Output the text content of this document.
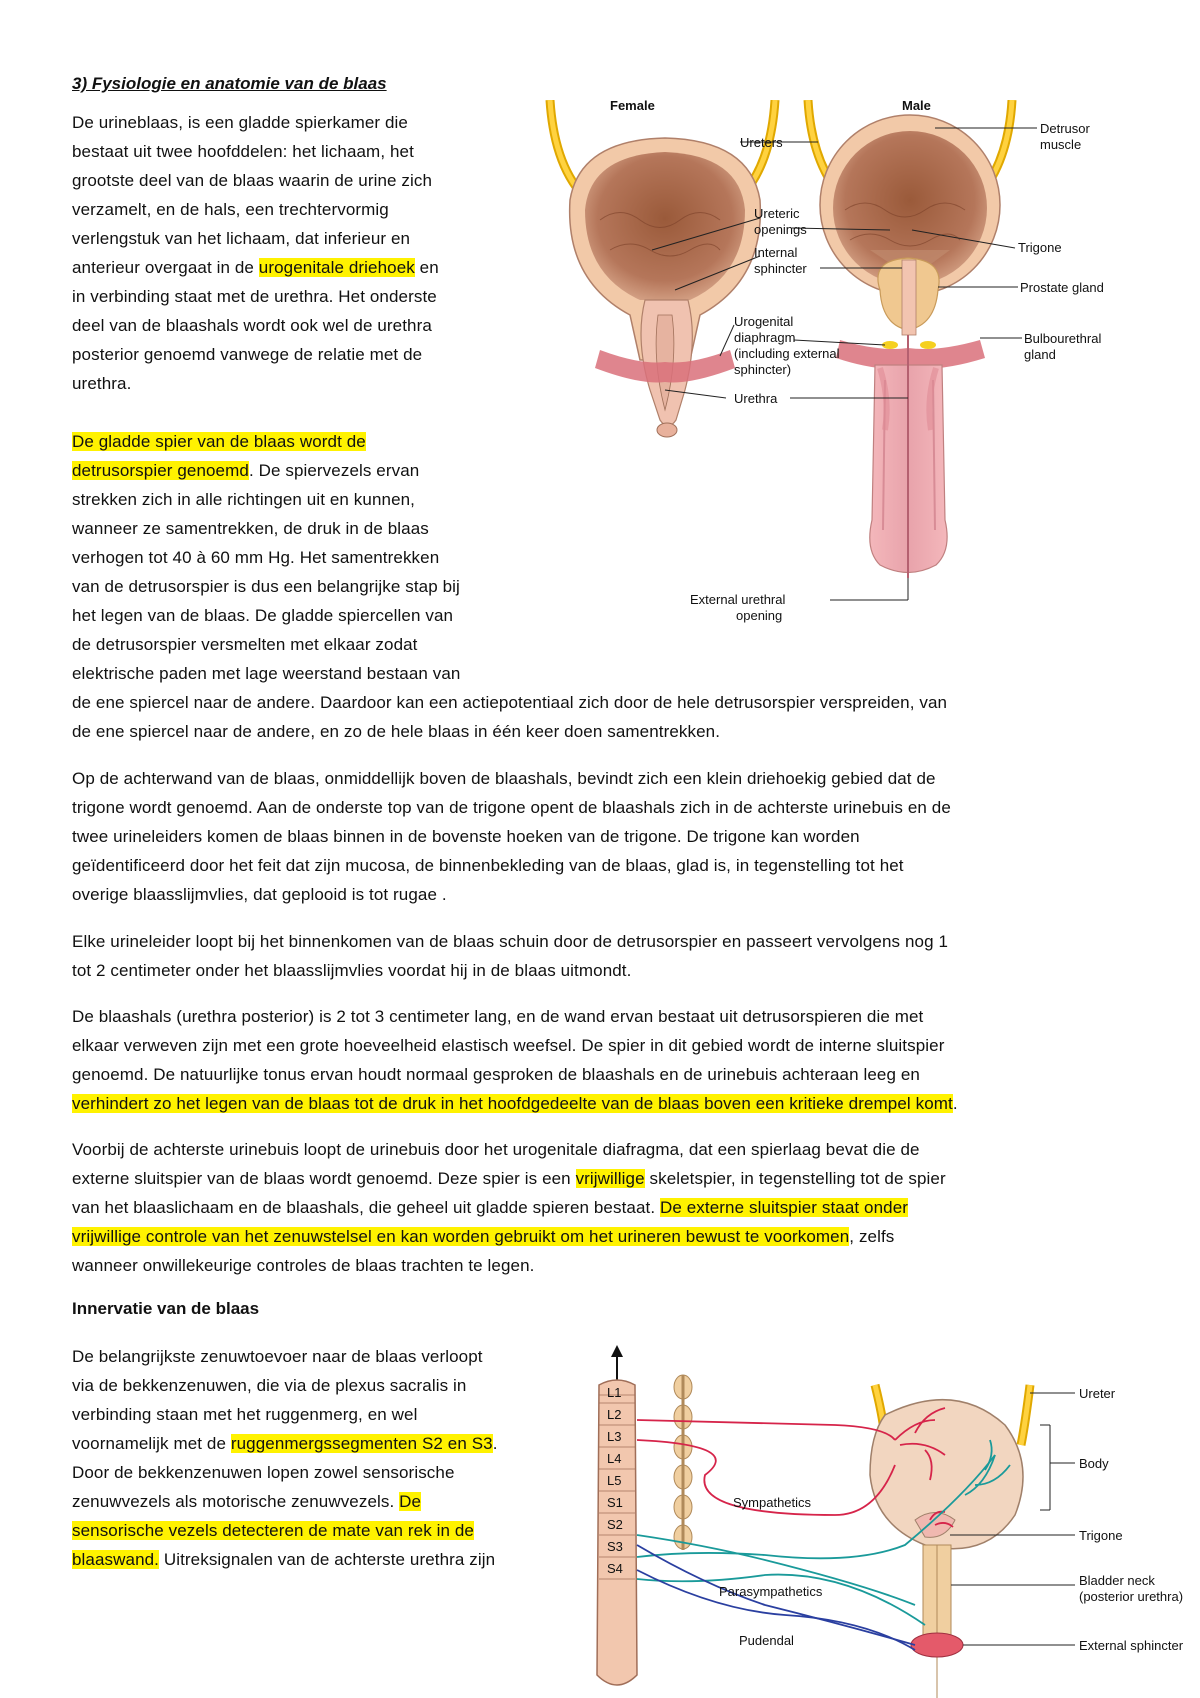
3) Fysiologie en anatomie van de blaas
De urineblaas, is een gladde spierkamer die
bestaat uit twee hoofddelen: het lichaam, het
grootste deel van de blaas waarin de urine zich
verzamelt, en de hals, een trechtervormig
verlengstuk van het lichaam, dat inferieur en
anterieur overgaat in de urogenitale driehoek en
in verbinding staat met de urethra. Het onderste
deel van de blaashals wordt ook wel de urethra
posterior genoemd vanwege de relatie met de
urethra.
De gladde spier van de blaas wordt de
detrusorspier genoemd. De spiervezels ervan
strekken zich in alle richtingen uit en kunnen,
wanneer ze samentrekken, de druk in de blaas
verhogen tot 40 à 60 mm Hg. Het samentrekken
van de detrusorspier is dus een belangrijke stap bij
het legen van de blaas. De gladde spiercellen van
de detrusorspier versmelten met elkaar zodat
elektrische paden met lage weerstand bestaan van
de ene spiercel naar de andere. Daardoor kan een actiepotentiaal zich door de hele detrusorspier verspreiden, van
de ene spiercel naar de andere, en zo de hele blaas in één keer doen samentrekken.
Op de achterwand van de blaas, onmiddellijk boven de blaashals, bevindt zich een klein driehoekig gebied dat de
trigone wordt genoemd. Aan de onderste top van de trigone opent de blaashals zich in de achterste urinebuis en de
twee urineleiders komen de blaas binnen in de bovenste hoeken van de trigone. De trigone kan worden
geïdentificeerd door het feit dat zijn mucosa, de binnenbekleding van de blaas, glad is, in tegenstelling tot het
overige blaasslijmvlies, dat geplooid is tot rugae .
Elke urineleider loopt bij het binnenkomen van de blaas schuin door de detrusorspier en passeert vervolgens nog 1
tot 2 centimeter onder het blaasslijmvlies voordat hij in de blaas uitmondt.
De blaashals (urethra posterior) is 2 tot 3 centimeter lang, en de wand ervan bestaat uit detrusorspieren die met
elkaar verweven zijn met een grote hoeveelheid elastisch weefsel. De spier in dit gebied wordt de interne sluitspier
genoemd. De natuurlijke tonus ervan houdt normaal gesproken de blaashals en de urinebuis achteraan leeg en
verhindert zo het legen van de blaas tot de druk in het hoofdgedeelte van de blaas boven een kritieke drempel komt.
Voorbij de achterste urinebuis loopt de urinebuis door het urogenitale diafragma, dat een spierlaag bevat die de
externe sluitspier van de blaas wordt genoemd. Deze spier is een vrijwillige skeletspier, in tegenstelling tot de spier
van het blaaslichaam en de blaashals, die geheel uit gladde spieren bestaat. De externe sluitspier staat onder
vrijwillige controle van het zenuwstelsel en kan worden gebruikt om het urineren bewust te voorkomen, zelfs
wanneer onwillekeurige controles de blaas trachten te legen.
Innervatie van de blaas
De belangrijkste zenuwtoevoer naar de blaas verloopt
via de bekkenzenuwen, die via de plexus sacralis in
verbinding staan met het ruggenmerg, en wel
voornamelijk met de ruggenmergssegmenten S2 en S3.
Door de bekkenzenuwen lopen zowel sensorische
zenuwvezels als motorische zenuwvezels. De
sensorische vezels detecteren de mate van rek in de
blaaswand. Uitreksignalen van de achterste urethra zijn
Female	Male
Ureters
Ureteric
openings
Internal
sphincter
Urogenital
diaphragm
(including external
sphincter)
Urethra
External urethral
opening
Detrusor
muscle
Trigone
Prostate gland
Bulbourethral
gland
L1
L2
L3
L4
L5
S1
S2
S3
S4
Sympathetics
Parasympathetics
Pudendal
Ureter
Body
Trigone
Bladder neck
(posterior urethra)
External sphincter
